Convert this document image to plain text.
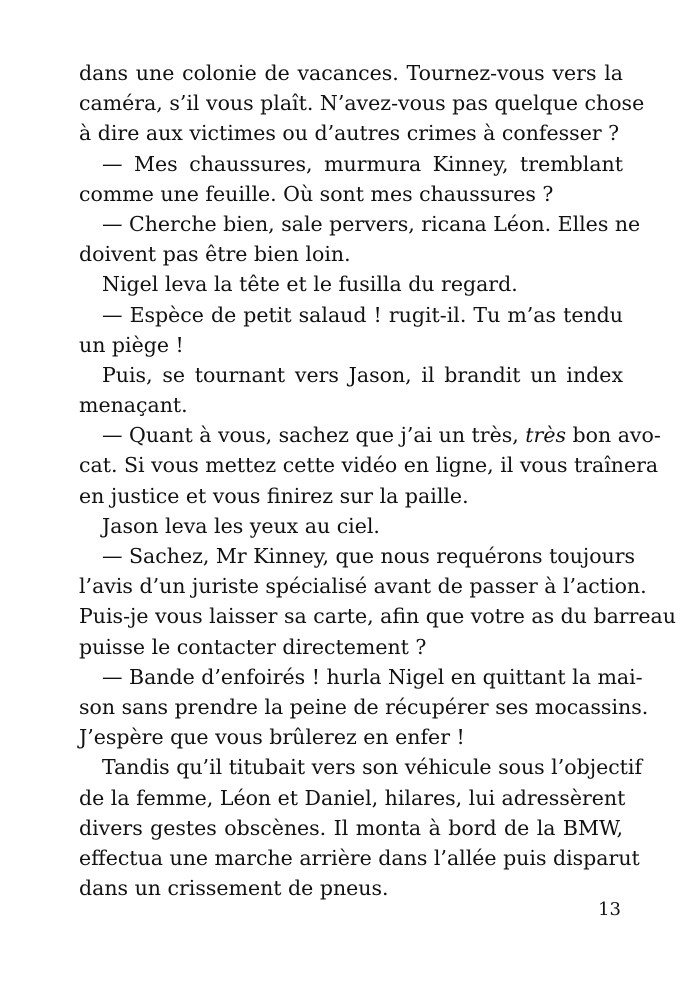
dans une colonie de vacances. Tournez-vous vers la
caméra, s’il vous plaît. N’avez-vous pas quelque chose
à dire aux victimes ou d’autres crimes à confesser ?
— Mes chaussures, murmura Kinney, tremblant
comme une feuille. Où sont mes chaussures ?
— Cherche bien, sale pervers, ricana Léon. Elles ne
doivent pas être bien loin.
Nigel leva la tête et le fusilla du regard.
— Espèce de petit salaud ! rugit-il. Tu m’as tendu
un piège !
Puis, se tournant vers Jason, il brandit un index
menaçant.
— Quant à vous, sachez que j’ai un très, très bon avo-
cat. Si vous mettez cette vidéo en ligne, il vous traînera
en justice et vous finirez sur la paille.
Jason leva les yeux au ciel.
— Sachez, Mr Kinney, que nous requérons toujours
l’avis d’un juriste spécialisé avant de passer à l’action.
Puis-je vous laisser sa carte, afin que votre as du barreau
puisse le contacter directement ?
— Bande d’enfoirés ! hurla Nigel en quittant la mai-
son sans prendre la peine de récupérer ses mocassins.
J’espère que vous brûlerez en enfer !
Tandis qu’il titubait vers son véhicule sous l’objectif
de la femme, Léon et Daniel, hilares, lui adressèrent
divers gestes obscènes. Il monta à bord de la BMW,
effectua une marche arrière dans l’allée puis disparut
dans un crissement de pneus.
13
